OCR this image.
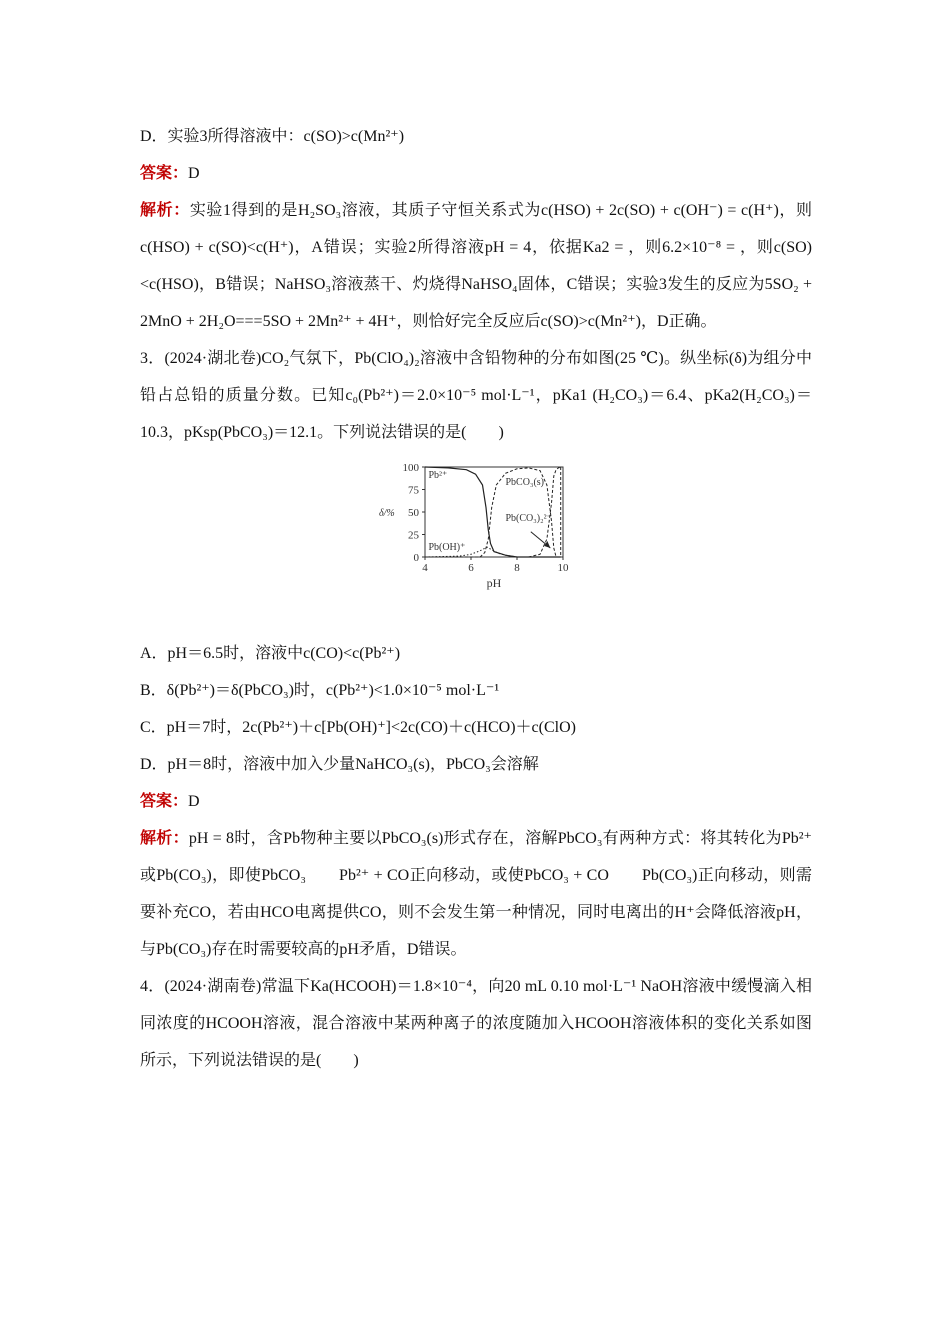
D．实验3所得溶液中：c(SO)>c(Mn²⁺)

答案：D

解析：实验1得到的是H₂SO₃溶液，其质子守恒关系式为c(HSO) + 2c(SO) + c(OH⁻) = c(H⁺)，则c(HSO) + c(SO)<c(H⁺)，A错误；实验2所得溶液pH = 4，依据Ka2 = ，则6.2×10⁻⁸ = ，则c(SO)<c(HSO)，B错误；NaHSO₃溶液蒸干、灼烧得NaHSO₄固体，C错误；实验3发生的反应为5SO₂ + 2MnO + 2H₂O===5SO + 2Mn²⁺ + 4H⁺，则恰好完全反应后c(SO)>c(Mn²⁺)，D正确。

3．(2024·湖北卷)CO₂气氛下，Pb(ClO₄)₂溶液中含铅物种的分布如图(25 ℃)。纵坐标(δ)为组分中铅占总铅的质量分数。已知c₀(Pb²⁺)＝2.0×10⁻⁵ mol·L⁻¹，pKa1 (H₂CO₃)＝6.4、pKa2(H₂CO₃)＝10.3，pKsp(PbCO₃)＝12.1。下列说法错误的是(　　)

0
25
50
75
100
4	6	8	10
pH
δ/%
Pb²⁺
Pb(OH)⁺
PbCO₃(s)
Pb(CO₃)₂²⁻

A．pH＝6.5时，溶液中c(CO)<c(Pb²⁺)

B．δ(Pb²⁺)＝δ(PbCO₃)时，c(Pb²⁺)<1.0×10⁻⁵ mol·L⁻¹

C．pH＝7时，2c(Pb²⁺)＋c[Pb(OH)⁺]<2c(CO)＋c(HCO)＋c(ClO)

D．pH＝8时，溶液中加入少量NaHCO₃(s)，PbCO₃会溶解

答案：D

解析：pH = 8时，含Pb物种主要以PbCO₃(s)形式存在，溶解PbCO₃有两种方式：将其转化为Pb²⁺或Pb(CO₃)，即使PbCO₃　　Pb²⁺ + CO正向移动，或使PbCO₃ + CO　　Pb(CO₃)正向移动，则需要补充CO，若由HCO电离提供CO，则不会发生第一种情况，同时电离出的H⁺会降低溶液pH，与Pb(CO₃)存在时需要较高的pH矛盾，D错误。

4．(2024·湖南卷)常温下Ka(HCOOH)＝1.8×10⁻⁴，向20 mL 0.10 mol·L⁻¹ NaOH溶液中缓慢滴入相同浓度的HCOOH溶液，混合溶液中某两种离子的浓度随加入HCOOH溶液体积的变化关系如图所示，下列说法错误的是(　　)
